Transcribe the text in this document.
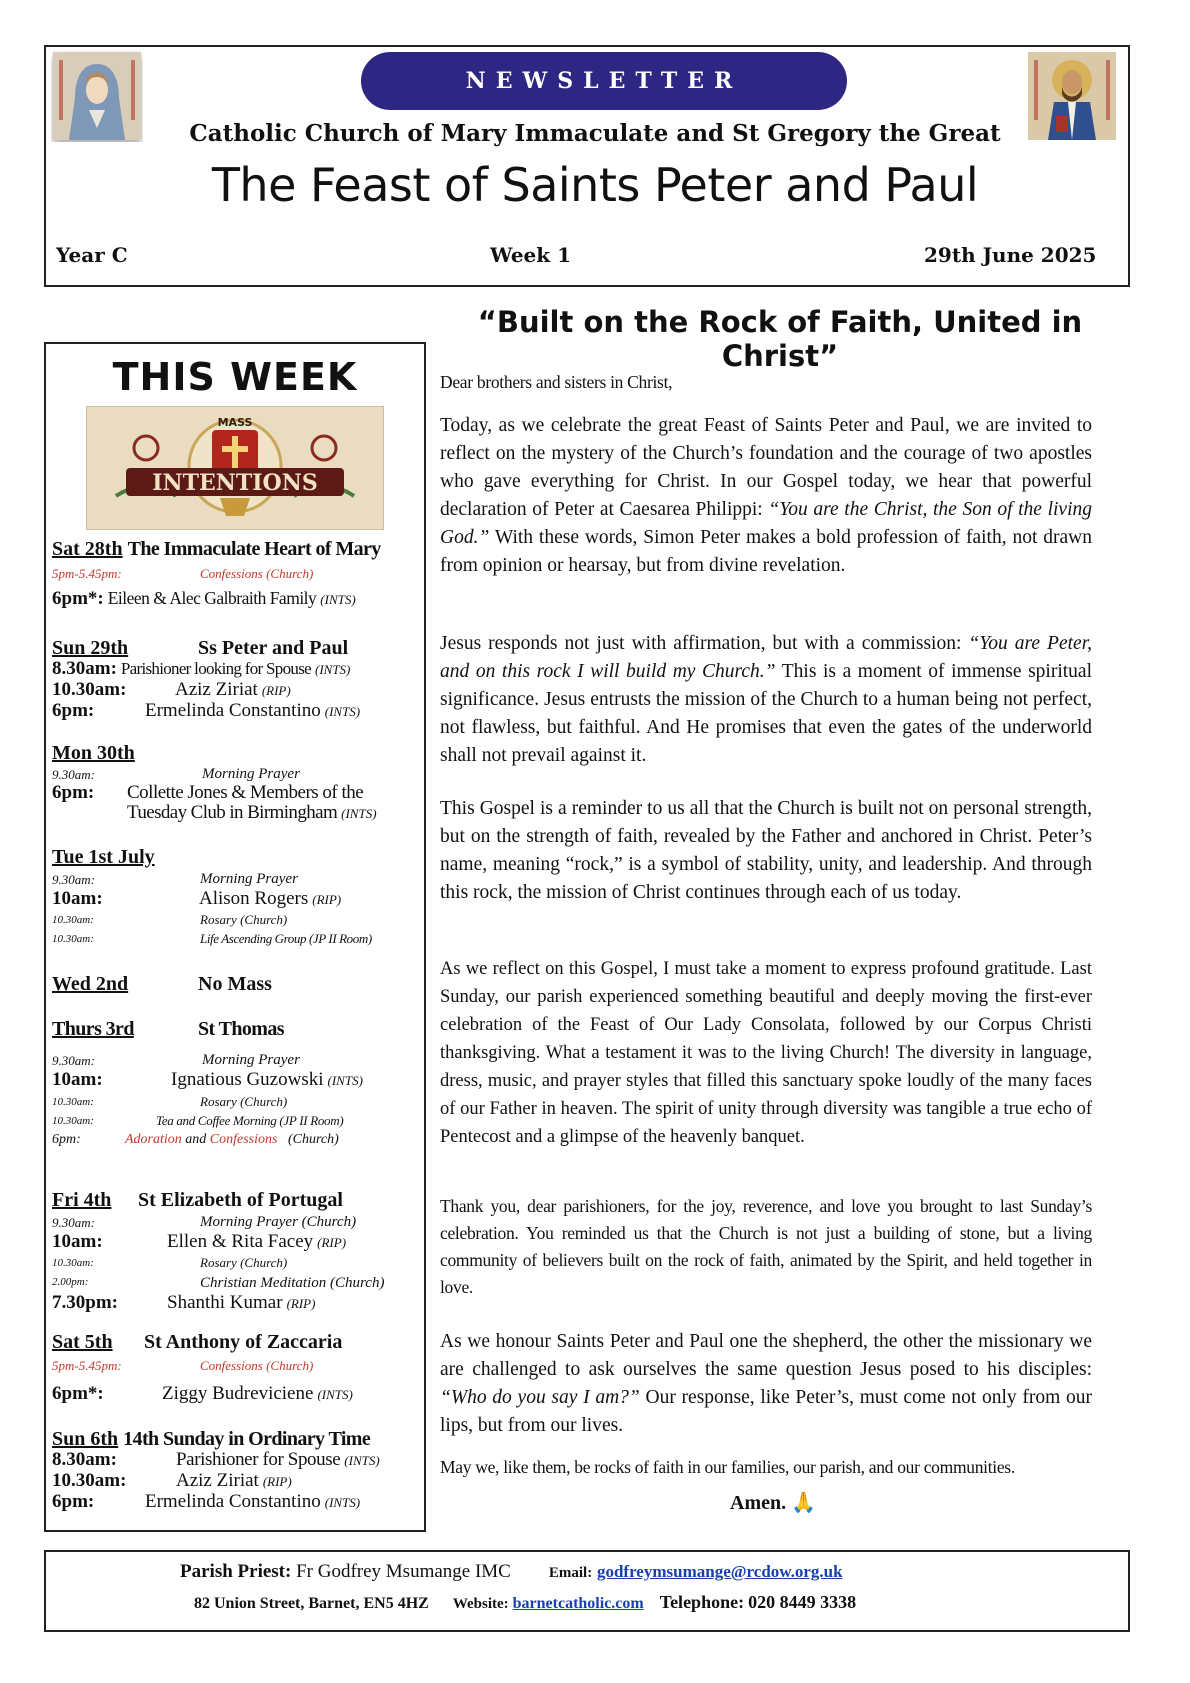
NEWSLETTER
Catholic Church of Mary Immaculate and St Gregory the Great
The Feast of Saints Peter and Paul
Year C	Week 1	29th June 2025
THIS WEEK
MASS
INTENTIONS
Sat 28th The Immaculate Heart of Mary
5pm-5.45pm:	Confessions (Church)
6pm*: Eileen & Alec Galbraith Family (INTS)
Sun 29th	Ss Peter and Paul
8.30am: Parishioner looking for Spouse (INTS)
10.30am:	Aziz Ziriat (RIP)
6pm:	Ermelinda Constantino (INTS)
Mon 30th
9.30am:	Morning Prayer
6pm: Collette Jones & Members of the
Tuesday Club in Birmingham (INTS)
Tue 1st July
9.30am:	Morning Prayer
10am:	Alison Rogers (RIP)
10.30am:	Rosary (Church)
10.30am:	Life Ascending Group (JP II Room)
Wed 2nd	No Mass
Thurs 3rd	St Thomas
9.30am:	Morning Prayer
10am:	Ignatious Guzowski (INTS)
10.30am:	Rosary (Church)
10.30am:	Tea and Coffee Morning (JP II Room)
6pm:	Adoration and Confessions (Church)
Fri 4th St Elizabeth of Portugal
9.30am:	Morning Prayer (Church)
10am:	Ellen & Rita Facey (RIP)
10.30am:	Rosary (Church)
2.00pm:	Christian Meditation (Church)
7.30pm:	Shanthi Kumar (RIP)
Sat 5th St Anthony of Zaccaria
5pm-5.45pm:	Confessions (Church)
6pm*:	Ziggy Budreviciene (INTS)
Sun 6th 14th Sunday in Ordinary Time
8.30am:	Parishioner for Spouse (INTS)
10.30am:	Aziz Ziriat (RIP)
6pm:	Ermelinda Constantino (INTS)
“Built on the Rock of Faith, United in Christ”

Dear brothers and sisters in Christ,

Today, as we celebrate the great Feast of Saints Peter and Paul, we are invited to reflect on the mystery of the Church’s foundation and the courage of two apostles who gave everything for Christ. In our Gospel today, we hear that powerful declaration of Peter at Caesarea Philippi: “You are the Christ, the Son of the living God.” With these words, Simon Peter makes a bold profession of faith, not drawn from opinion or hearsay, but from divine revelation.

Jesus responds not just with affirmation, but with a commission: “You are Peter, and on this rock I will build my Church.” This is a moment of immense spiritual significance. Jesus entrusts the mission of the Church to a human being not perfect, not flawless, but faithful. And He promises that even the gates of the underworld shall not prevail against it.

This Gospel is a reminder to us all that the Church is built not on personal strength, but on the strength of faith, revealed by the Father and anchored in Christ. Peter’s name, meaning “rock,” is a symbol of stability, unity, and leadership. And through this rock, the mission of Christ continues through each of us today.

As we reflect on this Gospel, I must take a moment to express profound gratitude. Last Sunday, our parish experienced something beautiful and deeply moving the first-ever celebration of the Feast of Our Lady Consolata, followed by our Corpus Christi thanksgiving. What a testament it was to the living Church! The diversity in language, dress, music, and prayer styles that filled this sanctuary spoke loudly of the many faces of our Father in heaven. The spirit of unity through diversity was tangible a true echo of Pentecost and a glimpse of the heavenly banquet.

Thank you, dear parishioners, for the joy, reverence, and love you brought to last Sunday’s celebration. You reminded us that the Church is not just a building of stone, but a living community of believers built on the rock of faith, animated by the Spirit, and held together in love.

As we honour Saints Peter and Paul one the shepherd, the other the missionary we are challenged to ask ourselves the same question Jesus posed to his disciples: “Who do you say I am?” Our response, like Peter’s, must come not only from our lips, but from our lives.

May we, like them, be rocks of faith in our families, our parish, and our communities.

Amen. 🙏
Parish Priest: Fr Godfrey Msumange IMC	Email: godfreymsumange@rcdow.org.uk
82 Union Street, Barnet, EN5 4HZ Website: barnetcatholic.com Telephone: 020 8449 3338
